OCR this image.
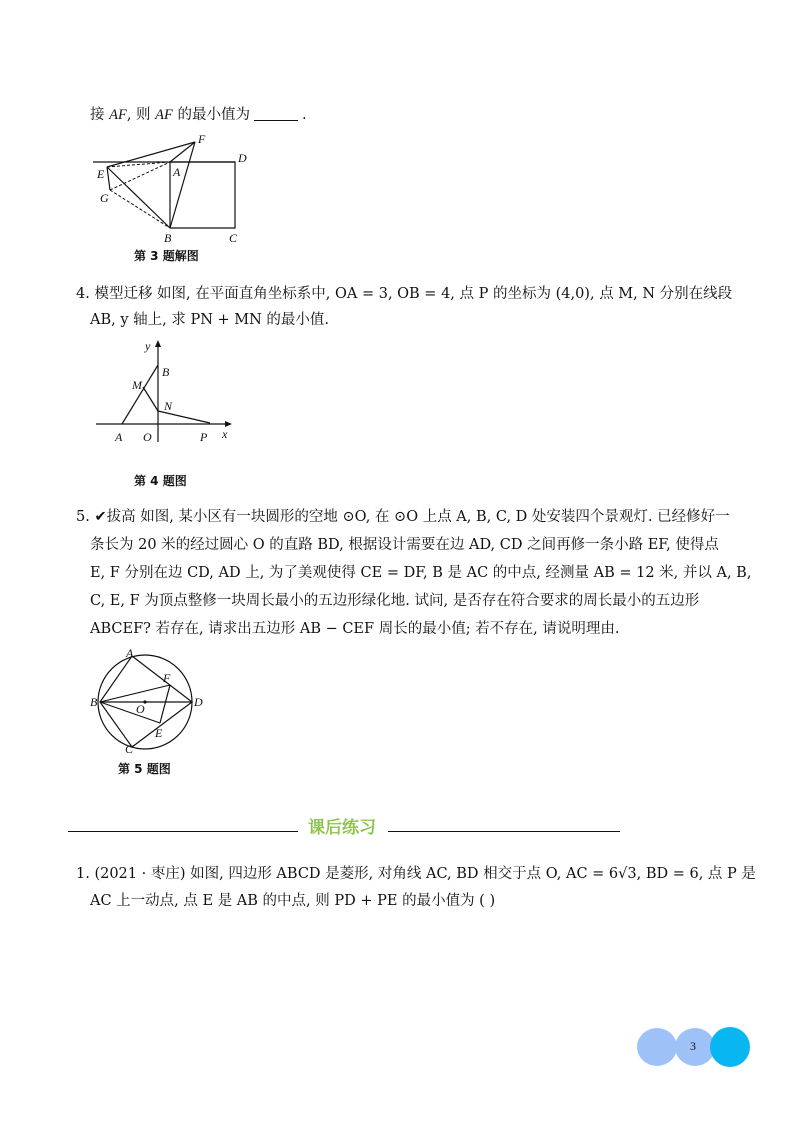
接 AF, 则 AF 的最小值为	.
F
D
E	A
G
B	C
第 3 题解图
4. 模型迁移 如图, 在平面直角坐标系中, OA = 3, OB = 4, 点 P 的坐标为 (4,0), 点 M, N 分别在线段
AB, y 轴上, 求 PN + MN 的最小值.
y
B
M
N
A O	P x
第 4 题图
5. ✔拔高 如图, 某小区有一块圆形的空地 ⊙O, 在 ⊙O 上点 A, B, C, D 处安装四个景观灯. 已经修好一
条长为 20 米的经过圆心 O 的直路 BD, 根据设计需要在边 AD, CD 之间再修一条小路 EF, 使得点
E, F 分别在边 CD, AD 上, 为了美观使得 CE = DF, B 是 AC 的中点, 经测量 AB = 12 米, 并以 A, B,
C, E, F 为顶点整修一块周长最小的五边形绿化地. 试问, 是否存在符合要求的周长最小的五边形
ABCEF? 若存在, 请求出五边形 AB − CEF 周长的最小值; 若不存在, 请说明理由.
A
B	O
F
D
E
C
第 5 题图
课后练习
1. (2021 · 枣庄) 如图, 四边形 ABCD 是菱形, 对角线 AC, BD 相交于点 O, AC = 6√3, BD = 6, 点 P 是
AC 上一动点, 点 E 是 AB 的中点, 则 PD + PE 的最小值为 ( )
3
